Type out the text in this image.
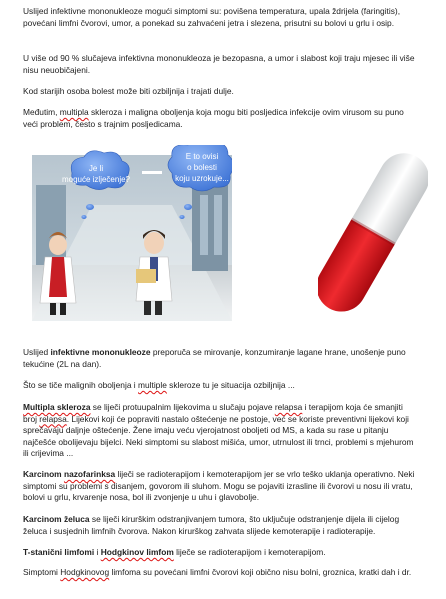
Uslijed infektivne mononukleoze mogući simptomi su: povišena temperatura, upala ždrijela (faringitis), povećani limfni čvorovi, umor, a ponekad su zahvaćeni jetra i slezena, prisutni su bolovi u grlu i osip.

U više od 90 % slučajeva infektivna mononukleoza je bezopasna, a umor i slabost koji traju mjesec ili više nisu neuobičajeni.

Kod starijih osoba bolest može biti ozbiljnija i trajati dulje.

Međutim, multipla skleroza i maligna oboljenja koja mogu biti posljedica infekcije ovim virusom su puno veći problem, često s trajnim posljedicama.

Je li
moguće izlječenje?
E to ovisi
o bolesti
koju uzrokuje...

Uslijed infektivne mononukleoze preporuča se mirovanje, konzumiranje lagane hrane, unošenje puno tekućine (2L na dan).

Što se tiče malignih oboljenja i multiple skleroze tu je situacija ozbiljnija ...

Multipla skleroza se liječi protuupalnim lijekovima u slučaju pojave relapsa i terapijom koja će smanjiti broj relapsa. Lijekovi koji će popraviti nastalo oštećenje ne postoje, već se koriste preventivni lijekovi koji sprečavaju daljnje oštećenje. Žene imaju veću vjerojatnost oboljeti od MS, a kada su rase u pitanju najčešće obolijevaju bijelci. Neki simptomi su slabost mišića, umor, utrnulost ili trnci, problemi s mjehurom ili crijevima ...

Karcinom nazofarinksa liječi se radioterapijom i kemoterapijom jer se vrlo teško uklanja operativno. Neki simptomi su problemi s disanjem, govorom ili sluhom. Mogu se pojaviti izrasline ili čvorovi u nosu ili vratu, bolovi u grlu, krvarenje nosa, bol ili zvonjenje u uhu i glavobolje.

Karcinom želuca se liječi kirurškim odstranjivanjem tumora, što uključuje odstranjenje dijela ili cijelog želuca i susjednih limfnih čvorova. Nakon kirurškog zahvata slijede kemoterapije i radioterapije.

T-stanični limfomi i Hodgkinov limfom liječe se radioterapijom i kemoterapijom.

Simptomi Hodgkinovog limfoma su povećani limfni čvorovi koji obično nisu bolni, groznica, kratki dah i dr.
